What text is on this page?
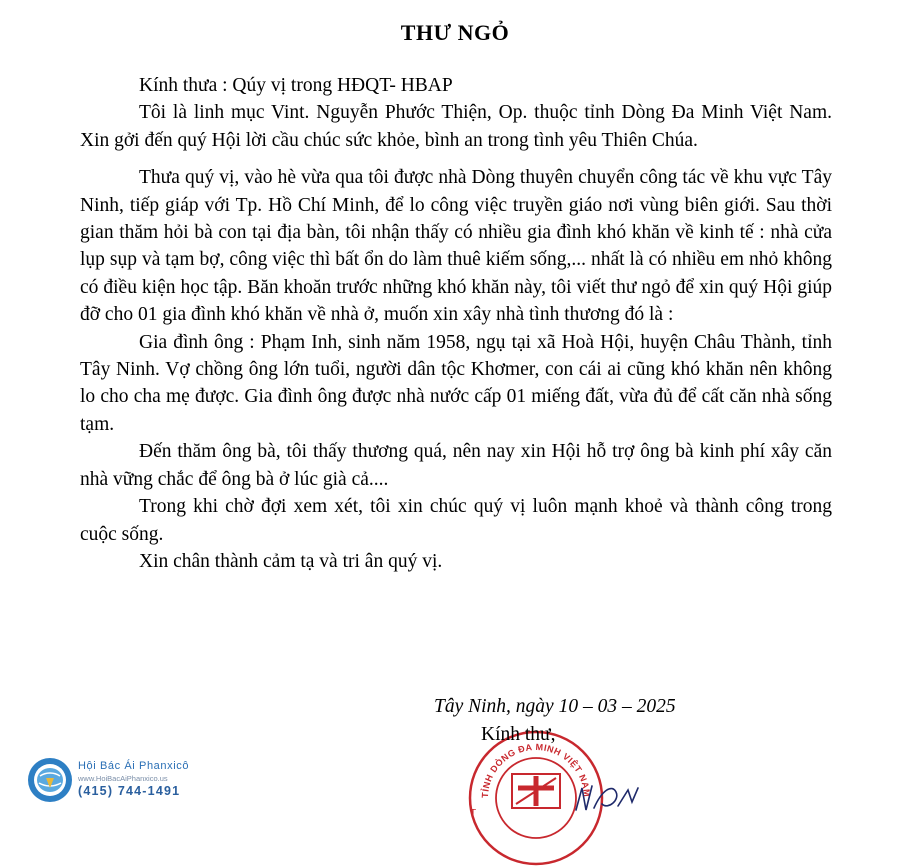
THƯ NGỎ

Kính thưa : Qúy vị trong HĐQT- HBAP

Tôi là linh mục Vint. Nguyễn Phước Thiện, Op. thuộc tỉnh Dòng Đa Minh Việt Nam. Xin gởi đến quý Hội lời cầu chúc sức khỏe, bình an trong tình yêu Thiên Chúa.

Thưa quý vị, vào hè vừa qua tôi được nhà Dòng thuyên chuyển công tác về khu vực Tây Ninh, tiếp giáp với Tp. Hồ Chí Minh, để lo công việc truyền giáo nơi vùng biên giới. Sau thời gian thăm hỏi bà con tại địa bàn, tôi nhận thấy có nhiều gia đình khó khăn về kinh tế : nhà cửa lụp sụp và tạm bợ, công việc thì bất ổn do làm thuê kiếm sống,... nhất là có nhiều em nhỏ không có điều kiện học tập. Băn khoăn trước những khó khăn này, tôi viết thư ngỏ để xin quý Hội giúp đỡ cho 01 gia đình khó khăn về nhà ở, muốn xin xây nhà tình thương đó là :

Gia đình ông : Phạm Inh, sinh năm 1958, ngụ tại xã Hoà Hội, huyện Châu Thành, tỉnh Tây Ninh. Vợ chồng ông lớn tuổi, người dân tộc Khơmer, con cái ai cũng khó khăn nên không lo cho cha mẹ được. Gia đình ông được nhà nước cấp 01 miếng đất, vừa đủ để cất căn nhà sống tạm.

Đến thăm ông bà, tôi thấy thương quá, nên nay xin Hội hỗ trợ ông bà kinh phí xây căn nhà vững chắc để ông bà ở lúc già cả....

Trong khi chờ đợi xem xét, tôi xin chúc quý vị luôn mạnh khoẻ và thành công trong cuộc sống.

Xin chân thành cảm tạ và tri ân quý vị.

Tây Ninh, ngày 10 – 03 – 2025
Kính thư,
TỈNH DÒNG ĐA MINH VIỆT NAM
T
Hội Bác Ái Phanxicô
www.HoiBacAiPhanxico.us
(415) 744-1491
